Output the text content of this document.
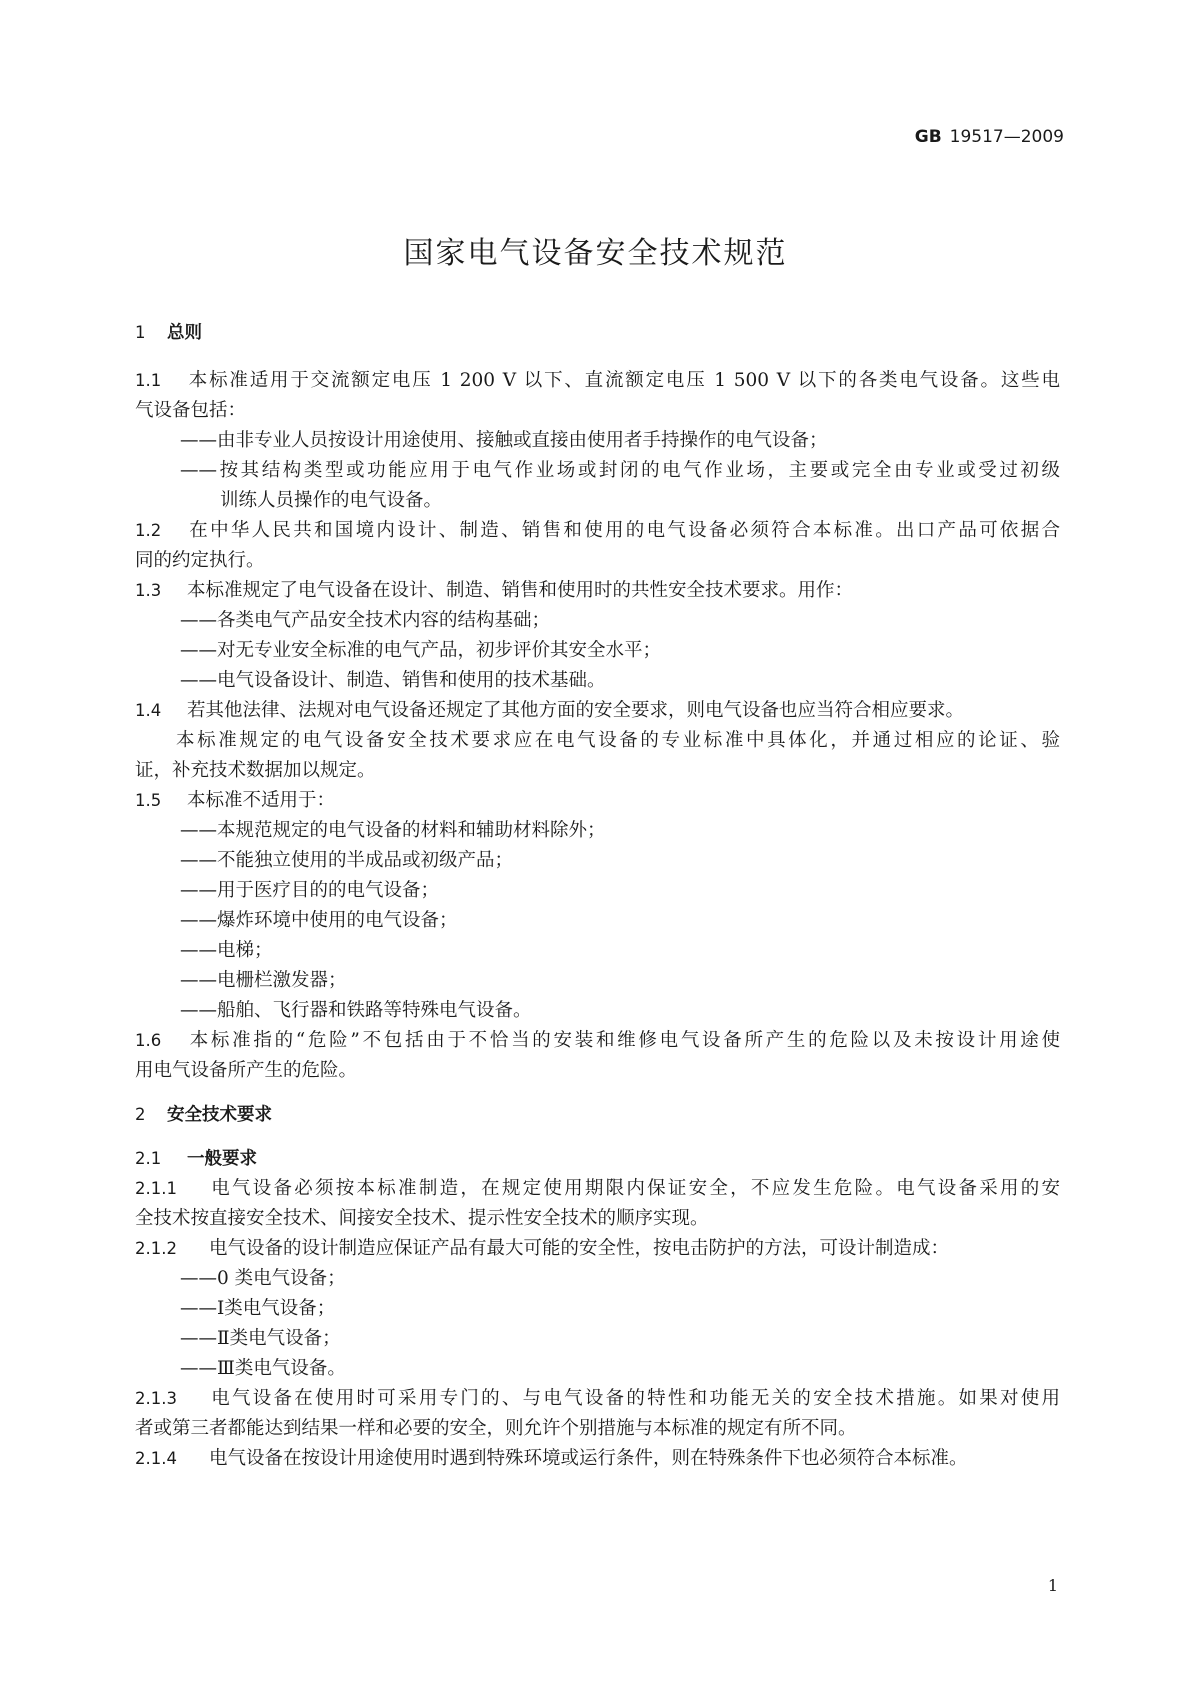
GB 19517—2009
国家电气设备安全技术规范
1 总则
1.1 本标准适用于交流额定电压 1 200 V 以下、直流额定电压 1 500 V 以下的各类电气设备。这些电
气设备包括：
——由非专业人员按设计用途使用、接触或直接由使用者手持操作的电气设备；
——按其结构类型或功能应用于电气作业场或封闭的电气作业场，主要或完全由专业或受过初级
训练人员操作的电气设备。
1.2 在中华人民共和国境内设计、制造、销售和使用的电气设备必须符合本标准。出口产品可依据合
同的约定执行。
1.3 本标准规定了电气设备在设计、制造、销售和使用时的共性安全技术要求。用作：
——各类电气产品安全技术内容的结构基础；
——对无专业安全标准的电气产品，初步评价其安全水平；
——电气设备设计、制造、销售和使用的技术基础。
1.4 若其他法律、法规对电气设备还规定了其他方面的安全要求，则电气设备也应当符合相应要求。
本标准规定的电气设备安全技术要求应在电气设备的专业标准中具体化，并通过相应的论证、验
证，补充技术数据加以规定。
1.5 本标准不适用于：
——本规范规定的电气设备的材料和辅助材料除外；
——不能独立使用的半成品或初级产品；
——用于医疗目的的电气设备；
——爆炸环境中使用的电气设备；
——电梯；
——电栅栏激发器；
——船舶、飞行器和铁路等特殊电气设备。
1.6 本标准指的“危险”不包括由于不恰当的安装和维修电气设备所产生的危险以及未按设计用途使
用电气设备所产生的危险。
2 安全技术要求
2.1 一般要求
2.1.1 电气设备必须按本标准制造，在规定使用期限内保证安全，不应发生危险。电气设备采用的安
全技术按直接安全技术、间接安全技术、提示性安全技术的顺序实现。
2.1.2 电气设备的设计制造应保证产品有最大可能的安全性，按电击防护的方法，可设计制造成：
——0 类电气设备；
——Ⅰ类电气设备；
——Ⅱ类电气设备；
——Ⅲ类电气设备。
2.1.3 电气设备在使用时可采用专门的、与电气设备的特性和功能无关的安全技术措施。如果对使用
者或第三者都能达到结果一样和必要的安全，则允许个别措施与本标准的规定有所不同。
2.1.4 电气设备在按设计用途使用时遇到特殊环境或运行条件，则在特殊条件下也必须符合本标准。
1
